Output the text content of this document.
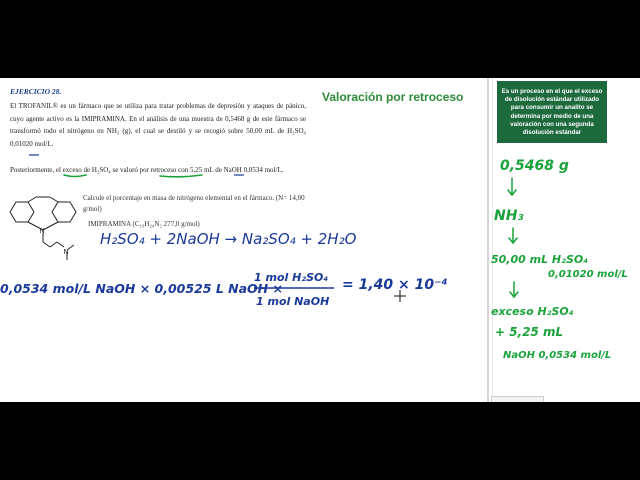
EJERCICIO 28.	Valoración por retroceso
El TROFANIL® es un fármaco que se utiliza para tratar problemas de depresión y ataques de pánico, cuyo agente activo es la IMIPRAMINA. En el análisis de una muestra de 0,5468 g de este fármaco se transformó todo el nitrógeno en NH₃ (g), el cual se destiló y se recogió sobre 50,00 mL de H₂SO₄ 0,01020 mol/L.
Posteriormente, el exceso de H₂SO₄ se valoró por retroceso con 5,25 mL de NaOH 0,0534 mol/L.
Calcule el porcentaje en masa de nitrógeno elemental en el fármaco. (N= 14,00 g/mol)
IMIPRAMINA (C₁₉H₂₄N₂ 277,0 g/mol)
N
N
Es un proceso en el que el exceso de disolución estándar utilizado para consumir un analito se determina por medio de una valoración con una segunda disolución estándar
H₂SO₄ + 2NaOH → Na₂SO₄ + 2H₂O
0,0534 mol/L NaOH × 0,00525 L NaOH ×
1 mol H₂SO₄
1 mol NaOH
= 1,40 × 10⁻⁴
0,5468 g
NH₃
50,00 mL H₂SO₄
0,01020 mol/L
exceso H₂SO₄
+ 5,25 mL
NaOH 0,0534 mol/L
